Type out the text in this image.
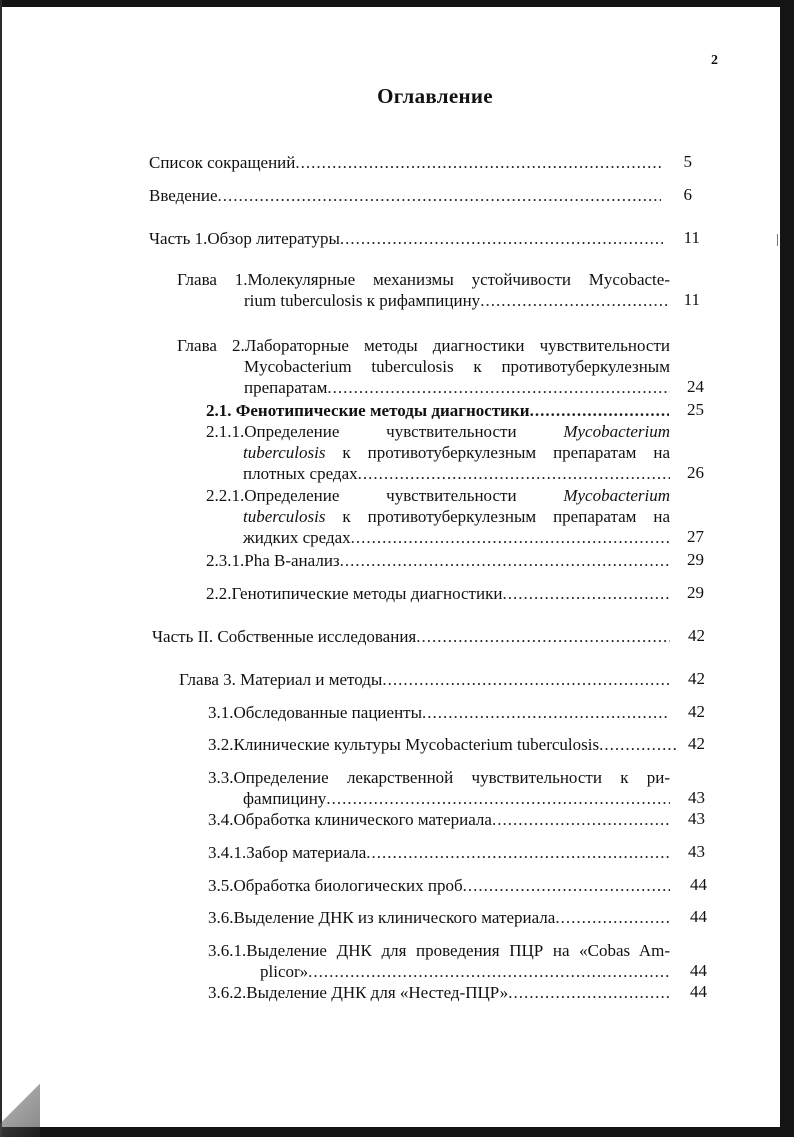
2
Оглавление
Список сокращений .....	5
Введение .....	6
Часть 1.Обзор литературы .....	11
Глава 1.Молекулярные механизмы устойчивости Mycobacte-
rium tuberculosis к рифампицину .....	11
Глава 2.Лабораторные методы диагностики чувствительности
Mycobacterium tuberculosis к противотуберкулезным
препаратам .....	24
2.1. Фенотипические методы диагностики .....	25
2.1.1.Определение	чувствительности	Mycobacterium
tuberculosis к противотуберкулезным препаратам на
плотных средах .....	26
2.2.1.Определение	чувствительности	Mycobacterium
tuberculosis к противотуберкулезным препаратам на
жидких средах .....	27
2.3.1.Pha B-анализ .....	29
2.2.Генотипические методы диагностики .....	29
Часть II. Собственные исследования .....	42
Глава 3. Материал и методы .....	42
3.1.Обследованные пациенты .....	42
3.2.Клинические культуры Mycobacterium tuberculosis .....	42
3.3.Определение лекарственной чувствительности к ри-
фампицину .....	43
3.4.Обработка клинического материала .....	43
3.4.1.Забор материала .....	43
3.5.Обработка биологических проб .....	44
3.6.Выделение ДНК из клинического материала .....	44
3.6.1.Выделение ДНК для проведения ПЦР на «Cobas Am-
plicor» .....	44
3.6.2.Выделение ДНК для «Нестед-ПЦР» .....	44
